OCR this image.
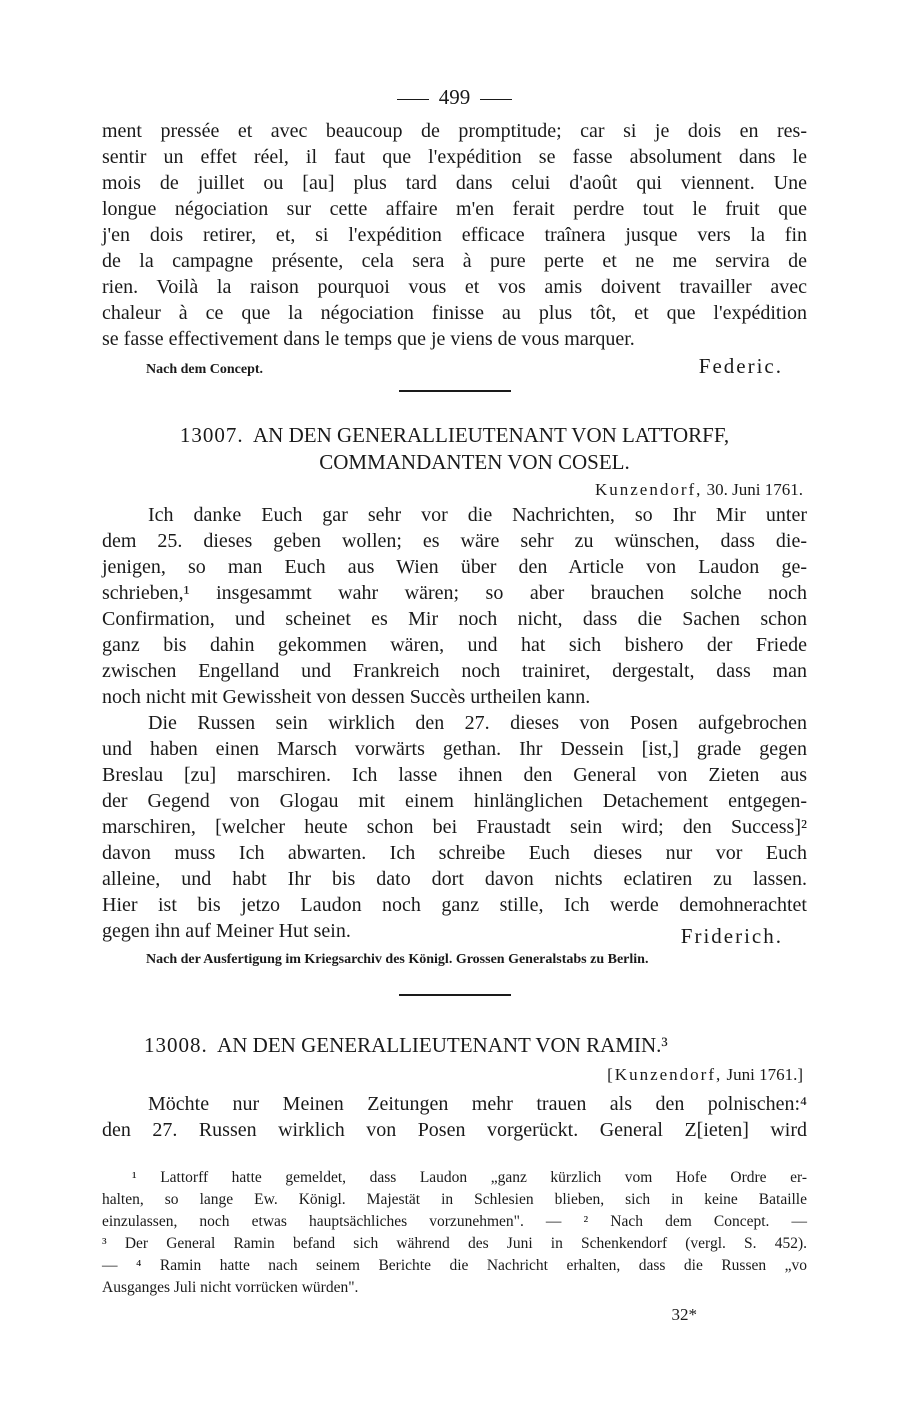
499
ment pressée et avec beaucoup de promptitude; car si je dois en res-
sentir un effet réel, il faut que l'expédition se fasse absolument dans le
mois de juillet ou [au] plus tard dans celui d'août qui viennent. Une
longue négociation sur cette affaire m'en ferait perdre tout le fruit que
j'en dois retirer, et, si l'expédition efficace traînera jusque vers la fin
de la campagne présente, cela sera à pure perte et ne me servira de
rien. Voilà la raison pourquoi vous et vos amis doivent travailler avec
chaleur à ce que la négociation finisse au plus tôt, et que l'expédition
se fasse effectivement dans le temps que je viens de vous marquer.
Nach dem Concept.	Federic.

13007. AN DEN GENERALLIEUTENANT VON LATTORFF,

COMMANDANTEN VON COSEL.

Kunzendorf, 30. Juni 1761.
Ich danke Euch gar sehr vor die Nachrichten, so Ihr Mir unter
dem 25. dieses geben wollen; es wäre sehr zu wünschen, dass die-
jenigen, so man Euch aus Wien über den Article von Laudon ge-
schrieben,¹ insgesammt wahr wären; so aber brauchen solche noch
Confirmation, und scheinet es Mir noch nicht, dass die Sachen schon
ganz bis dahin gekommen wären, und hat sich bishero der Friede
zwischen Engelland und Frankreich noch trainiret, dergestalt, dass man
noch nicht mit Gewissheit von dessen Succès urtheilen kann.
Die Russen sein wirklich den 27. dieses von Posen aufgebrochen
und haben einen Marsch vorwärts gethan. Ihr Dessein [ist,] grade gegen
Breslau [zu] marschiren. Ich lasse ihnen den General von Zieten aus
der Gegend von Glogau mit einem hinlänglichen Detachement entgegen-
marschiren, [welcher heute schon bei Fraustadt sein wird; den Success]²
davon muss Ich abwarten. Ich schreibe Euch dieses nur vor Euch
alleine, und habt Ihr bis dato dort davon nichts eclatiren zu lassen.
Hier ist bis jetzo Laudon noch ganz stille, Ich werde demohnerachtet
gegen ihn auf Meiner Hut sein.	Friderich.
Nach der Ausfertigung im Kriegsarchiv des Königl. Grossen Generalstabs zu Berlin.

13008. AN DEN GENERALLIEUTENANT VON RAMIN.³

[Kunzendorf, Juni 1761.]
Möchte nur Meinen Zeitungen mehr trauen als den polnischen:⁴
den 27. Russen wirklich von Posen vorgerückt. General Z[ieten] wird
¹ Lattorff hatte gemeldet, dass Laudon „ganz kürzlich vom Hofe Ordre er-
halten, so lange Ew. Königl. Majestät in Schlesien blieben, sich in keine Bataille
einzulassen, noch etwas hauptsächliches vorzunehmen". — ² Nach dem Concept. —
³ Der General Ramin befand sich während des Juni in Schenkendorf (vergl. S. 452).
— ⁴ Ramin hatte nach seinem Berichte die Nachricht erhalten, dass die Russen „vo
Ausganges Juli nicht vorrücken würden".
32*
